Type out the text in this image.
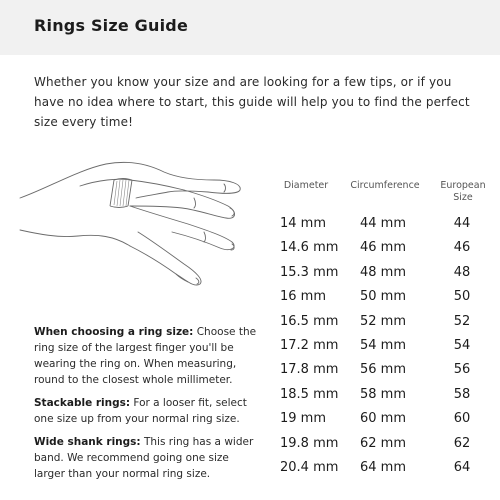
Rings Size Guide

Whether you know your size and are looking for a few tips, or if you have no idea where to start, this guide will help you to find the perfect size every time!

When choosing a ring size: Choose the ring size of the largest finger you'll be wearing the ring on. When measuring, round to the closest whole millimeter.

Stackable rings: For a looser fit, select one size up from your normal ring size.

Wide shank rings: This ring has a wider band. We recommend going one size larger than your normal ring size.

Diameter	Circumference	European
Size
14 mm	44 mm	44
14.6 mm 46 mm	46
15.3 mm 48 mm	48
16 mm	50 mm	50
16.5 mm 52 mm	52
17.2 mm 54 mm	54
17.8 mm 56 mm	56
18.5 mm 58 mm	58
19 mm	60 mm	60
19.8 mm 62 mm	62
20.4 mm 64 mm	64
